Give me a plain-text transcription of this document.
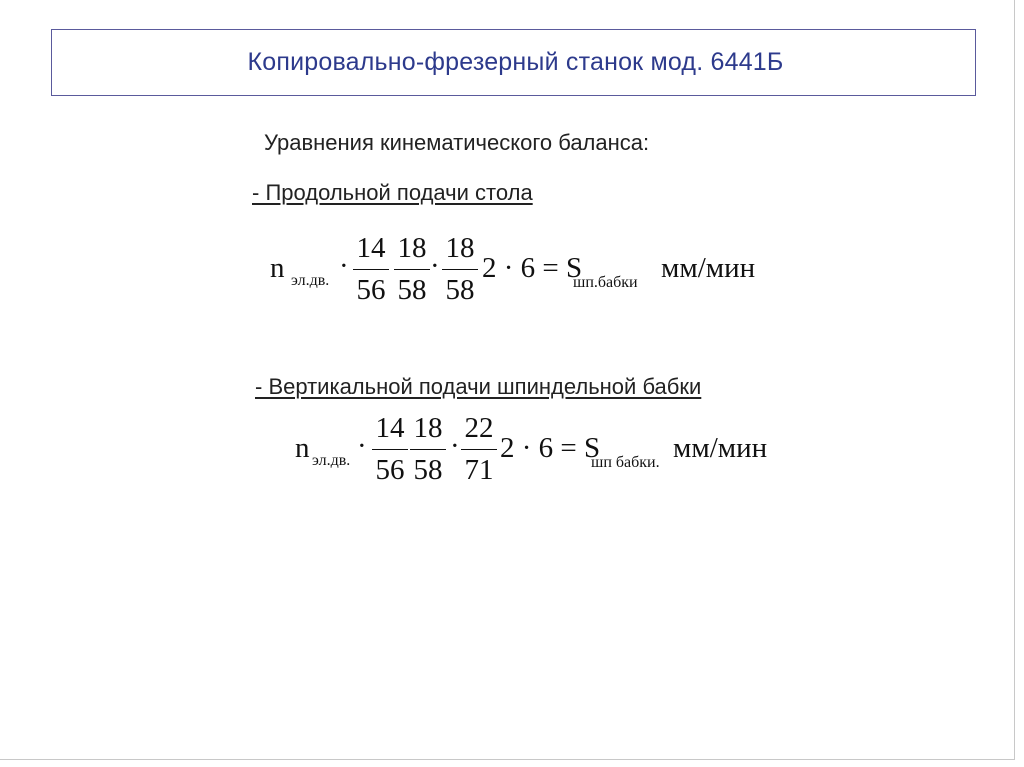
Копировально-фрезерный станок мод. 6441Б
Уравнения кинематического баланса:
- Продольной подачи стола
n эл.дв. ·
14
56
18
58
·
18
58
2 · 6 = S
шп.бабки мм/мин
- Вертикальной подачи шпиндельной бабки
n эл.дв. ·
14
56
18
58
·
22
71
2 · 6 = S
шп бабки. мм/мин
